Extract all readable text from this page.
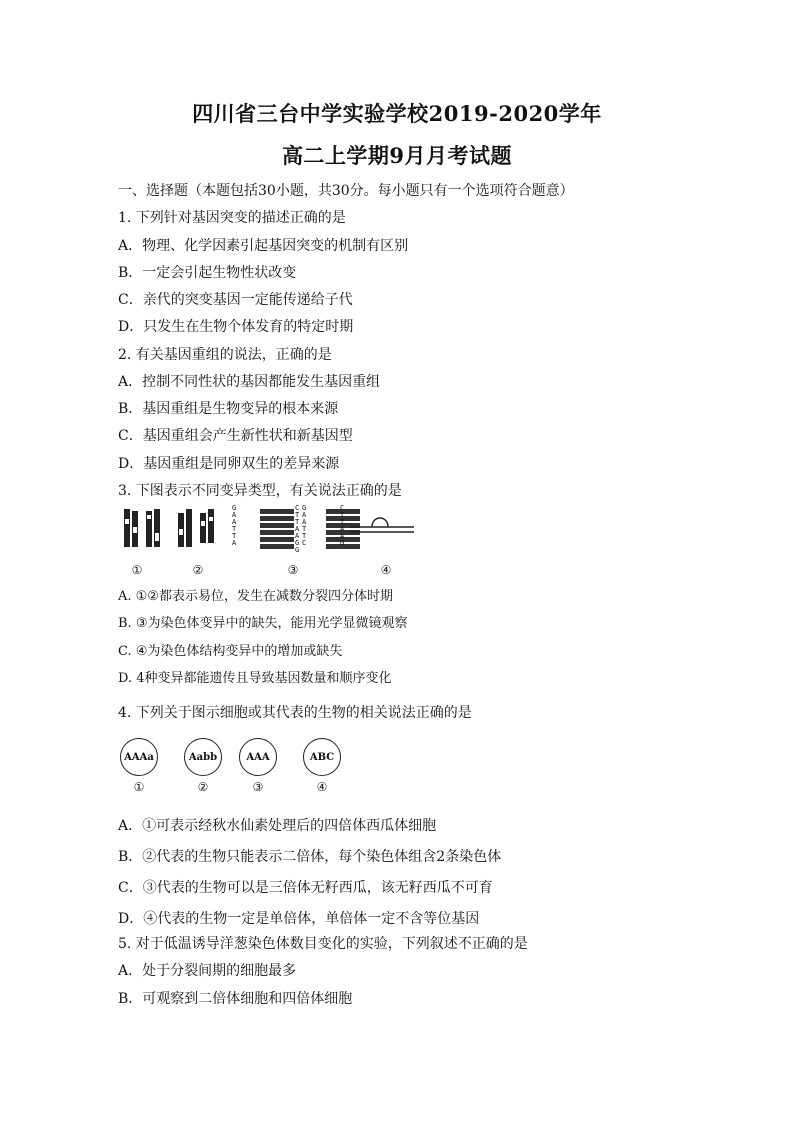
四川省三台中学实验学校2019-2020学年
高二上学期9月月考试题
一、选择题（本题包括30小题，共30分。每小题只有一个选项符合题意）
1. 下列针对基因突变的描述正确的是
A．物理、化学因素引起基因突变的机制有区别
B．一定会引起生物性状改变
C．亲代的突变基因一定能传递给子代
D．只发生在生物个体发育的特定时期
2. 有关基因重组的说法，正确的是
A．控制不同性状的基因都能发生基因重组
B．基因重组是生物变异的根本来源
C．基因重组会产生新性状和新基因型
D．基因重组是同卵双生的差异来源
3. 下图表示不同变异类型，有关说法正确的是
G
A
A
T
T
A
C
T
T
A
A
G
G
G
A
A
T
T
C
C
T
T
A
A
G
①	②	③	④
A. ①②都表示易位，发生在减数分裂四分体时期
B. ③为染色体变异中的缺失，能用光学显微镜观察
C. ④为染色体结构变异中的增加或缺失
D. 4种变异都能遗传且导致基因数量和顺序变化
4. 下列关于图示细胞或其代表的生物的相关说法正确的是
AAAa	Aabb	AAA	ABC
①	②	③	④
A．①可表示经秋水仙素处理后的四倍体西瓜体细胞
B．②代表的生物只能表示二倍体，每个染色体组含2条染色体
C．③代表的生物可以是三倍体无籽西瓜，该无籽西瓜不可育
D．④代表的生物一定是单倍体，单倍体一定不含等位基因
5. 对于低温诱导洋葱染色体数目变化的实验，下列叙述不正确的是
A．处于分裂间期的细胞最多
B．可观察到二倍体细胞和四倍体细胞
